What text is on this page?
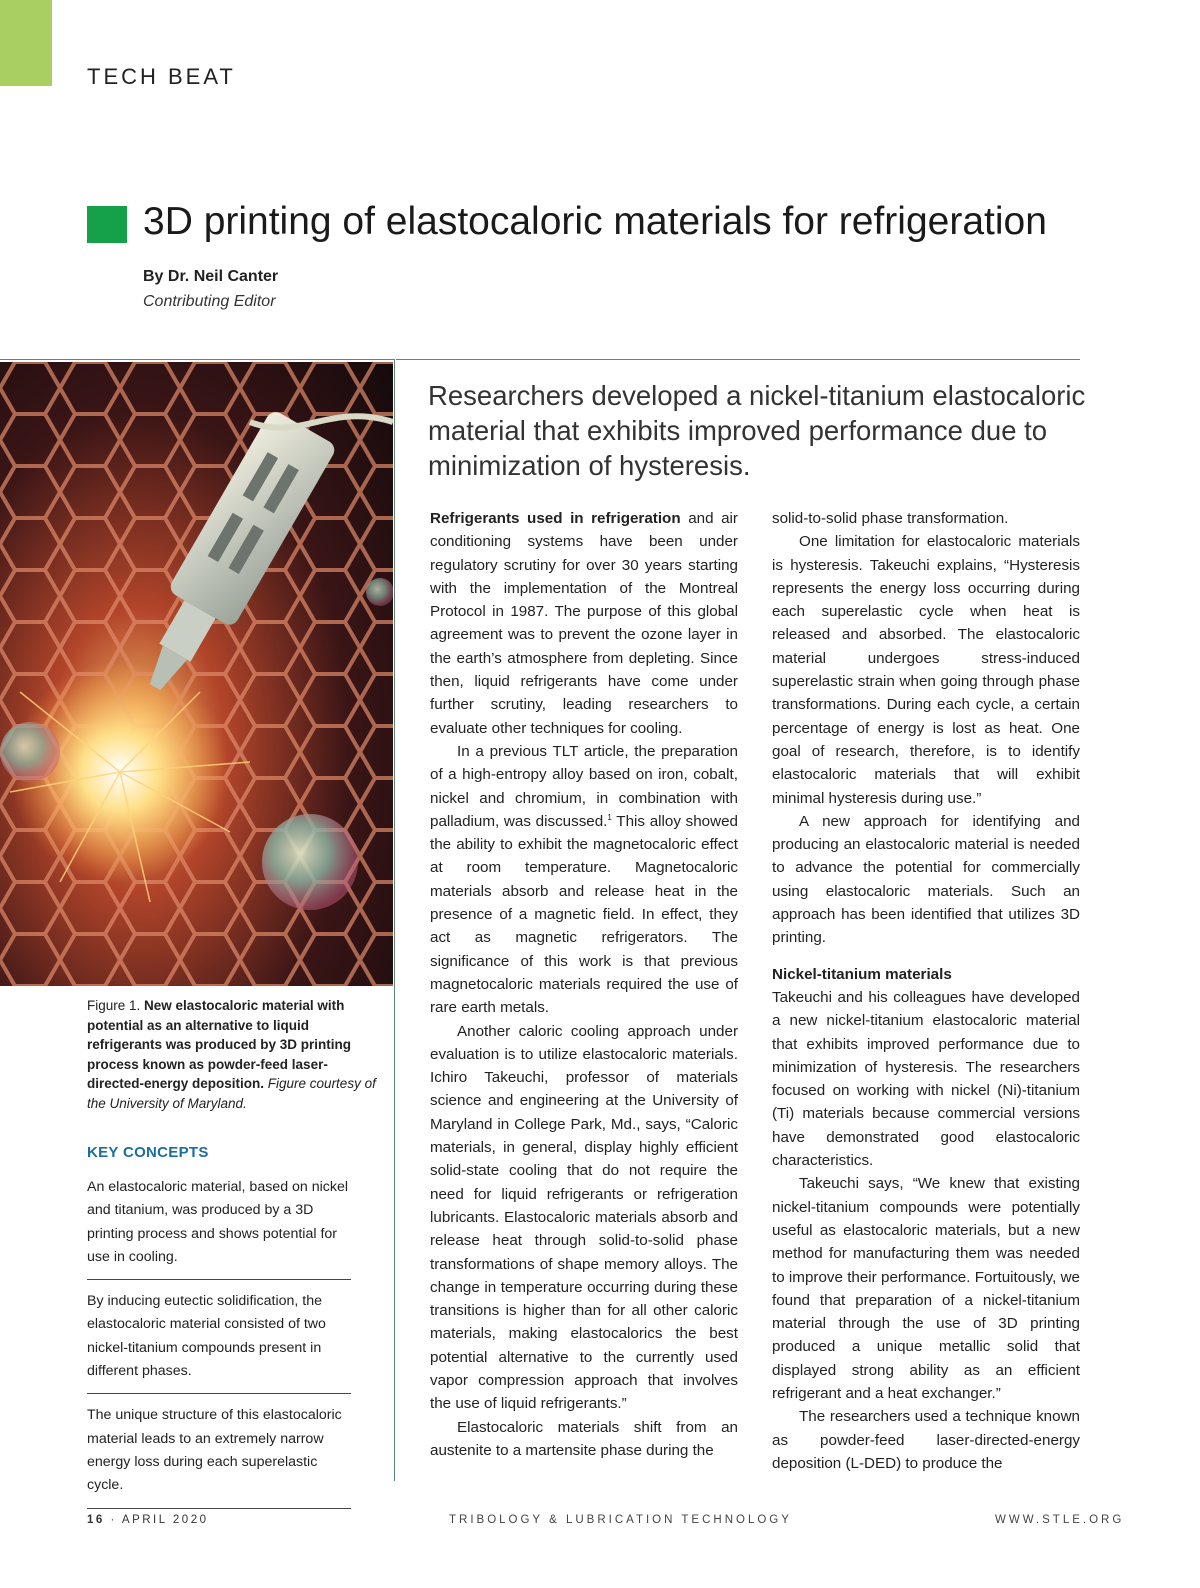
TECH BEAT
3D printing of elastocaloric materials for refrigeration
By Dr. Neil Canter
Contributing Editor
Figure 1. New elastocaloric material with potential as an alternative to liquid refrigerants was produced by 3D printing process known as powder-feed laser-directed-energy deposition. Figure courtesy of the University of Maryland.
KEY CONCEPTS
An elastocaloric material, based on nickel and titanium, was produced by a 3D printing process and shows potential for use in cooling.
By inducing eutectic solidification, the elastocaloric material consisted of two nickel-titanium compounds present in different phases.
The unique structure of this elastocaloric material leads to an extremely narrow energy loss during each superelastic cycle.
Researchers developed a nickel-titanium elastocaloric material that exhibits improved performance due to minimization of hysteresis.

Refrigerants used in refrigeration and air conditioning systems have been under regulatory scrutiny for over 30 years starting with the implementation of the Montreal Protocol in 1987. The purpose of this global agreement was to prevent the ozone layer in the earth’s atmosphere from depleting. Since then, liquid refrigerants have come under further scrutiny, leading researchers to evaluate other techniques for cooling.

In a previous TLT article, the preparation of a high-entropy alloy based on iron, cobalt, nickel and chromium, in combination with palladium, was discussed.$^1$ This alloy showed the ability to exhibit the magnetocaloric effect at room temperature. Magnetocaloric materials absorb and release heat in the presence of a magnetic field. In effect, they act as magnetic refrigerators. The significance of this work is that previous magnetocaloric materials required the use of rare earth metals.

Another caloric cooling approach under evaluation is to utilize elastocaloric materials. Ichiro Takeuchi, professor of materials science and engineering at the University of Maryland in College Park, Md., says, “Caloric materials, in general, display highly efficient solid-state cooling that do not require the need for liquid refrigerants or refrigeration lubricants. Elastocaloric materials absorb and release heat through solid-to-solid phase transformations of shape memory alloys. The change in temperature occurring during these transitions is higher than for all other caloric materials, making elastocalorics the best potential alternative to the currently used vapor compression approach that involves the use of liquid refrigerants.”

Elastocaloric materials shift from an austenite to a martensite phase during the

solid-to-solid phase transformation.

One limitation for elastocaloric materials is hysteresis. Takeuchi explains, “Hysteresis represents the energy loss occurring during each superelastic cycle when heat is released and absorbed. The elastocaloric material undergoes stress-induced superelastic strain when going through phase transformations. During each cycle, a certain percentage of energy is lost as heat. One goal of research, therefore, is to identify elastocaloric materials that will exhibit minimal hysteresis during use.”

A new approach for identifying and producing an elastocaloric material is needed to advance the potential for commercially using elastocaloric materials. Such an approach has been identified that utilizes 3D printing.

Nickel-titanium materials

Takeuchi and his colleagues have developed a new nickel-titanium elastocaloric material that exhibits improved performance due to minimization of hysteresis. The researchers focused on working with nickel (Ni)-titanium (Ti) materials because commercial versions have demonstrated good elastocaloric characteristics.

Takeuchi says, “We knew that existing nickel-titanium compounds were potentially useful as elastocaloric materials, but a new method for manufacturing them was needed to improve their performance. Fortuitously, we found that preparation of a nickel-titanium material through the use of 3D printing produced a unique metallic solid that displayed strong ability as an efficient refrigerant and a heat exchanger.”

The researchers used a technique known as powder-feed laser-directed-energy deposition (L-DED) to produce the

16 · APRIL 2020	TRIBOLOGY & LUBRICATION TECHNOLOGY	WWW.STLE.ORG
